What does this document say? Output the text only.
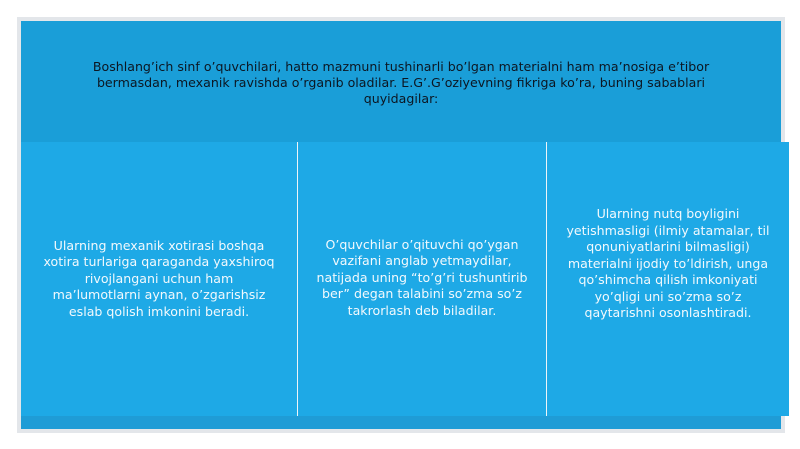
Boshlang’ich sinf o’quvchilari, hatto mazmuni tushinarli bo’lgan materialni ham ma’nosiga e’tibor bermasdan, mexanik ravishda o’rganib oladilar. E.G’.G’oziyevning fikriga ko’ra, buning sabablari quyidagilar:
Ularning mexanik xotirasi boshqa xotira turlariga qaraganda yaxshiroq rivojlangani uchun ham ma’lumotlarni aynan, o’zgarishsiz eslab qolish imkonini beradi.
O’quvchilar o’qituvchi qo’ygan vazifani anglab yetmaydilar, natijada uning “to’g’ri tushuntirib ber” degan talabini so’zma so’z takrorlash deb biladilar.
Ularning nutq boyligini yetishmasligi (ilmiy atamalar, til qonuniyatlarini bilmasligi) materialni ijodiy to’ldirish, unga qo’shimcha qilish imkoniyati yo’qligi uni so’zma so’z qaytarishni osonlashtiradi.
